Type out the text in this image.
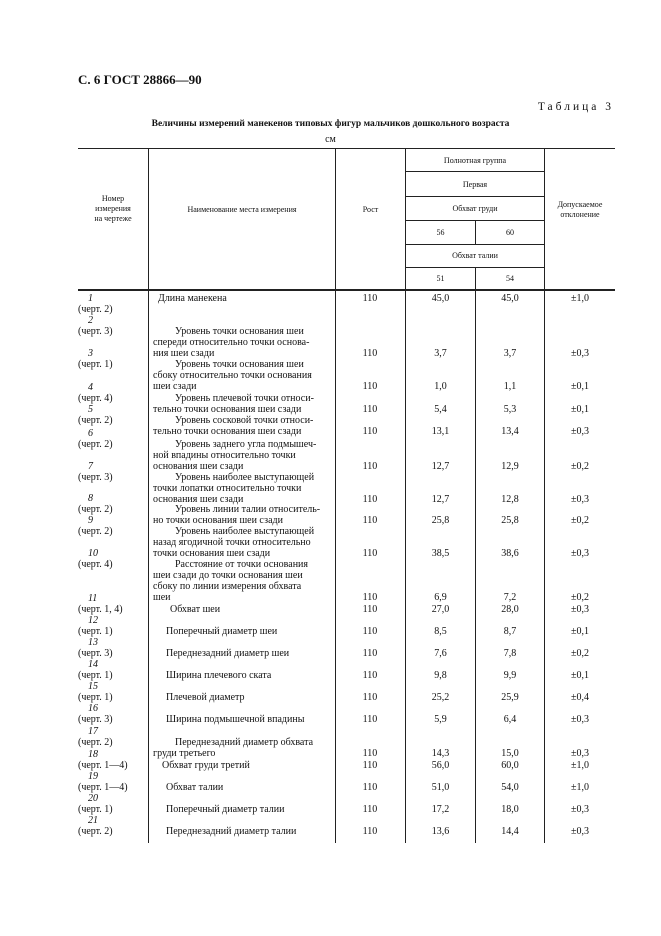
С. 6 ГОСТ 28866—90
Таблица 3
Величины измерений манекенов типовых фигур мальчиков дошкольного возраста
см
Номер
измерения
на чертеже
Наименование места измерения	Рост
Полнотная группа
Первая
Обхват груди
56	60
Обхват талии
51	54
Допускаемое
отклонение
1
(черт. 2)
Длина манекена	110	45,0	45,0	±1,0
2
(черт. 3)	Уровень точки основания шеи
спереди относительно точки основа-
ния шеи сзади	110	3,7	3,7	±0,3
3
(черт. 1)	Уровень точки основания шеи
сбоку относительно точки основания
шеи сзади	110	1,0	1,1	±0,1
4
(черт. 4)	Уровень плечевой точки относи-
тельно точки основания шеи сзади	110	5,4	5,3	±0,1
5
(черт. 2)	Уровень сосковой точки относи-
тельно точки основания шеи сзади	110	13,1	13,4	±0,3
6
(черт. 2)	Уровень заднего угла подмышеч-
ной впадины относительно точки
основания шеи сзади	110	12,7	12,9	±0,2
7
(черт. 3)	Уровень наиболее выступающей
точки лопатки относительно точки
основания шеи сзади	110	12,7	12,8	±0,3
8
(черт. 2)	Уровень линии талии относитель-
но точки основания шеи сзади	110	25,8	25,8	±0,2
9
(черт. 2)	Уровень наиболее выступающей
назад ягодичной точки относительно
точки основания шеи сзади	110	38,5	38,6	±0,3
10
(черт. 4)	Расстояние от точки основания
шеи сзади до точки основания шеи
сбоку по линии измерения обхвата
шеи	110	6,9	7,2	±0,2
11
(черт. 1, 4)	Обхват шеи	110	27,0	28,0	±0,3
12
(черт. 1)	Поперечный диаметр шеи	110	8,5	8,7	±0,1
13
(черт. 3)	Переднезадний диаметр шеи	110	7,6	7,8	±0,2
14
(черт. 1)	Ширина плечевого ската	110	9,8	9,9	±0,1
15
(черт. 1)	Плечевой диаметр	110	25,2	25,9	±0,4
16
(черт. 3)	Ширина подмышечной впадины	110	5,9	6,4	±0,3
17
(черт. 2)	Переднезадний диаметр обхвата
груди третьего	110	14,3	15,0	±0,3
18
(черт. 1—4)	Обхват груди третий	110	56,0	60,0	±1,0
19
(черт. 1—4)	Обхват талии	110	51,0	54,0	±1,0
20
(черт. 1)	Поперечный диаметр талии	110	17,2	18,0	±0,3
21
(черт. 2)	Переднезадний диаметр талии	110	13,6	14,4	±0,3
